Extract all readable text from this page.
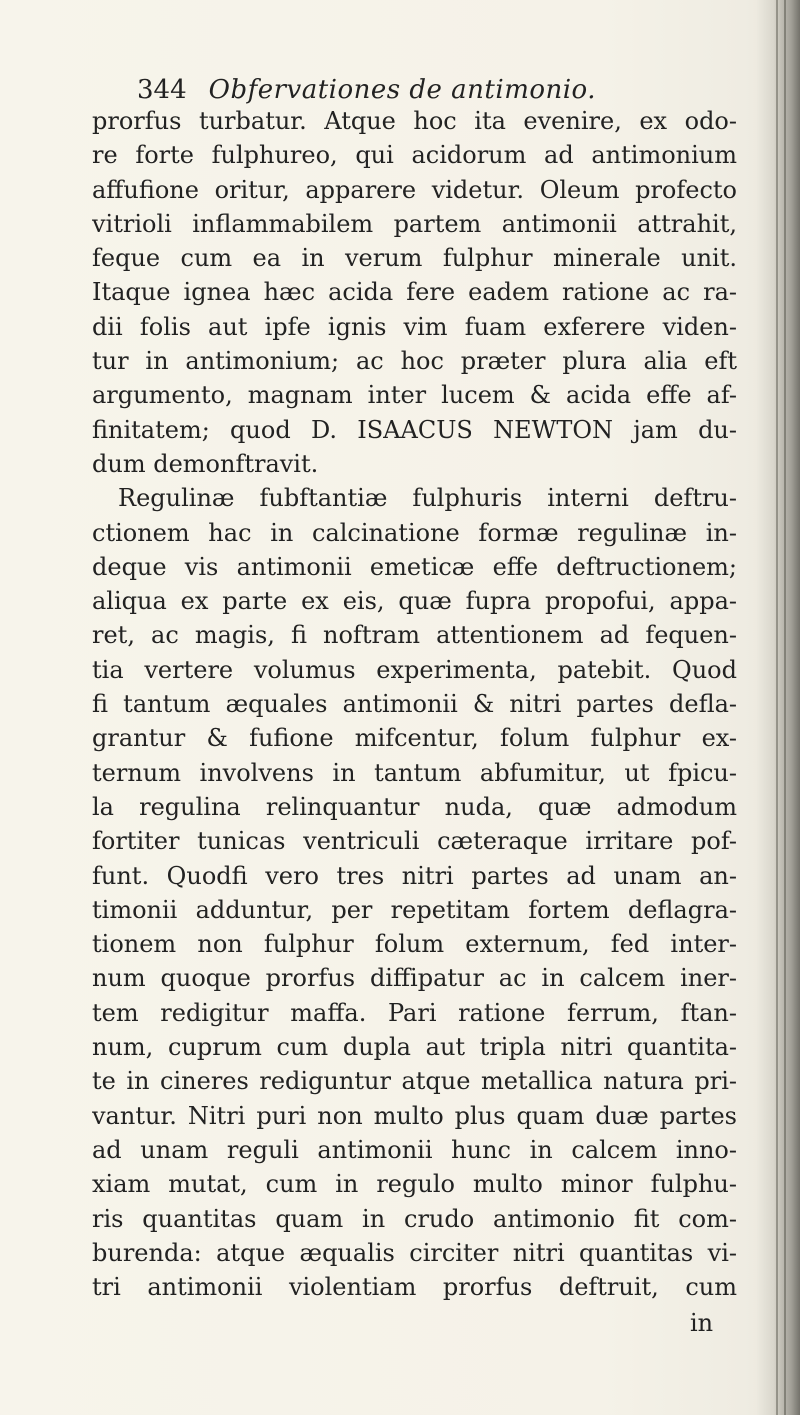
344 Obfervationes de antimonio.
prorfus turbatur. Atque hoc ita evenire, ex odo-
re forte fulphureo, qui acidorum ad antimonium
affufione oritur, apparere videtur. Oleum profecto
vitrioli inflammabilem partem antimonii attrahit,
feque cum ea in verum fulphur minerale unit.
Itaque ignea hæc acida fere eadem ratione ac ra-
dii folis aut ipfe ignis vim fuam exferere viden-
tur in antimonium; ac hoc præter plura alia eft
argumento, magnam inter lucem & acida effe af-
finitatem; quod D. ISAACUS NEWTON jam du-
dum demonftravit.
Regulinæ fubftantiæ fulphuris interni deftru-
ctionem hac in calcinatione formæ regulinæ in-
deque vis antimonii emeticæ effe deftructionem;
aliqua ex parte ex eis, quæ fupra propofui, appa-
ret, ac magis, fi noftram attentionem ad fequen-
tia vertere volumus experimenta, patebit. Quod
fi tantum æquales antimonii & nitri partes defla-
grantur & fufione mifcentur, folum fulphur ex-
ternum involvens in tantum abfumitur, ut fpicu-
la regulina relinquantur nuda, quæ admodum
fortiter tunicas ventriculi cæteraque irritare pof-
funt. Quodfi vero tres nitri partes ad unam an-
timonii adduntur, per repetitam fortem deflagra-
tionem non fulphur folum externum, fed inter-
num quoque prorfus diffipatur ac in calcem iner-
tem redigitur maffa. Pari ratione ferrum, ftan-
num, cuprum cum dupla aut tripla nitri quantita-
te in cineres rediguntur atque metallica natura pri-
vantur. Nitri puri non multo plus quam duæ partes
ad unam reguli antimonii hunc in calcem inno-
xiam mutat, cum in regulo multo minor fulphu-
ris quantitas quam in crudo antimonio fit com-
burenda: atque æqualis circiter nitri quantitas vi-
tri antimonii violentiam prorfus deftruit, cum
in
